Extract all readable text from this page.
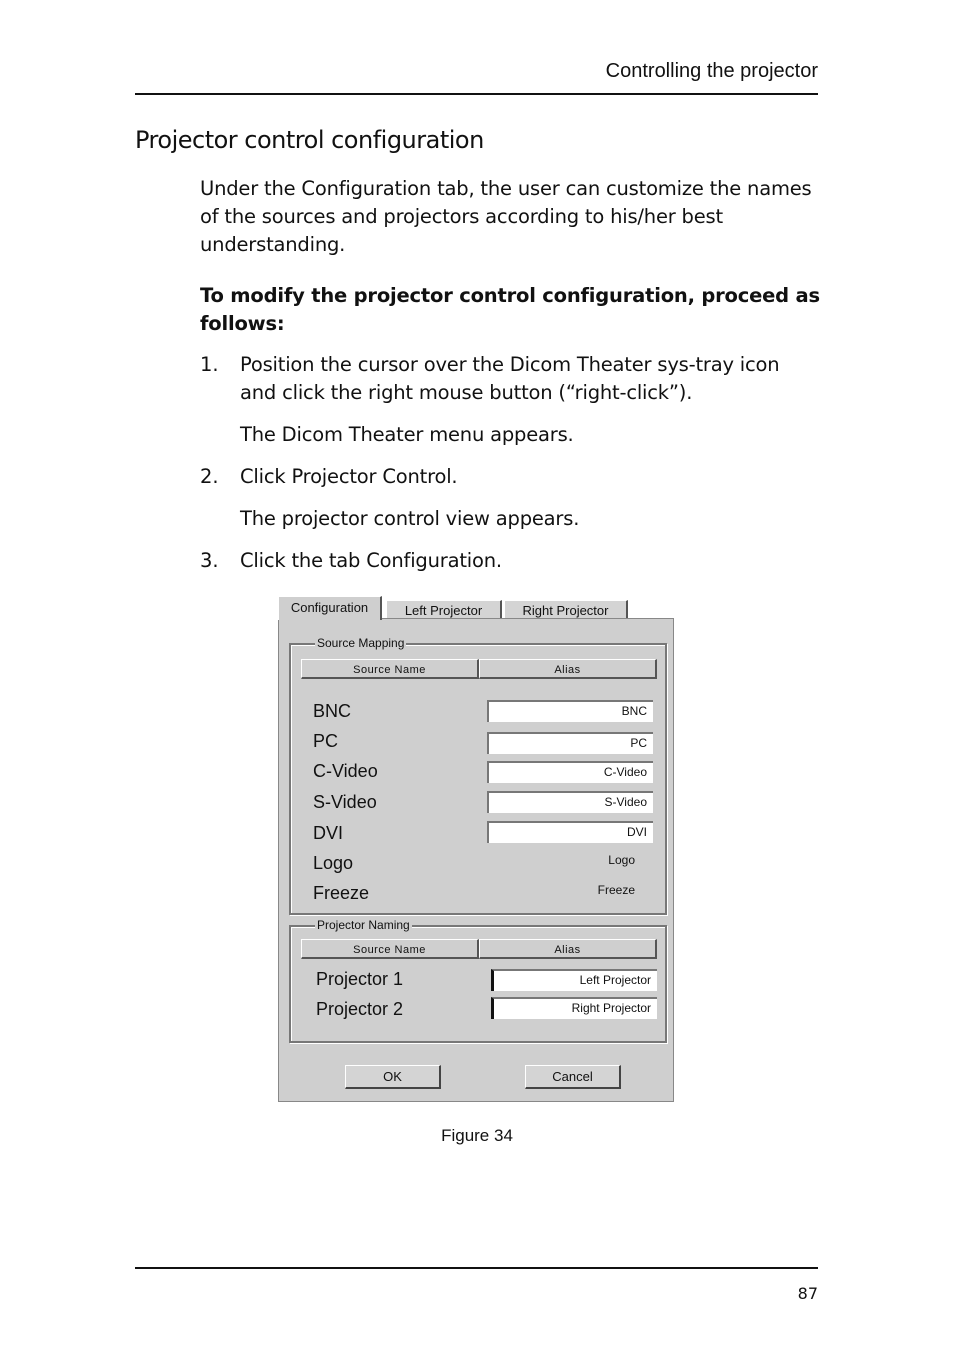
Controlling the projector
Projector control configuration
Under the Configuration tab, the user can customize the names of the sources and projectors according to his/her best understanding.
To modify the projector control configuration, proceed as follows:
1. Position the cursor over the Dicom Theater sys-tray icon and click the right mouse button (“right-click”).
The Dicom Theater menu appears.
2. Click Projector Control.
The projector control view appears.
3. Click the tab Configuration.
Configuration	Left Projector	Right Projector
Source Mapping
Source Name	Alias
BNC	BNC
PC	PC
C-Video	C-Video
S-Video	S-Video
DVI	DVI
Logo	Logo
Freeze	Freeze
Projector Naming
Source Name	Alias
Projector 1	Left Projector
Projector 2	Right Projector
OK	Cancel
Figure 34
87
